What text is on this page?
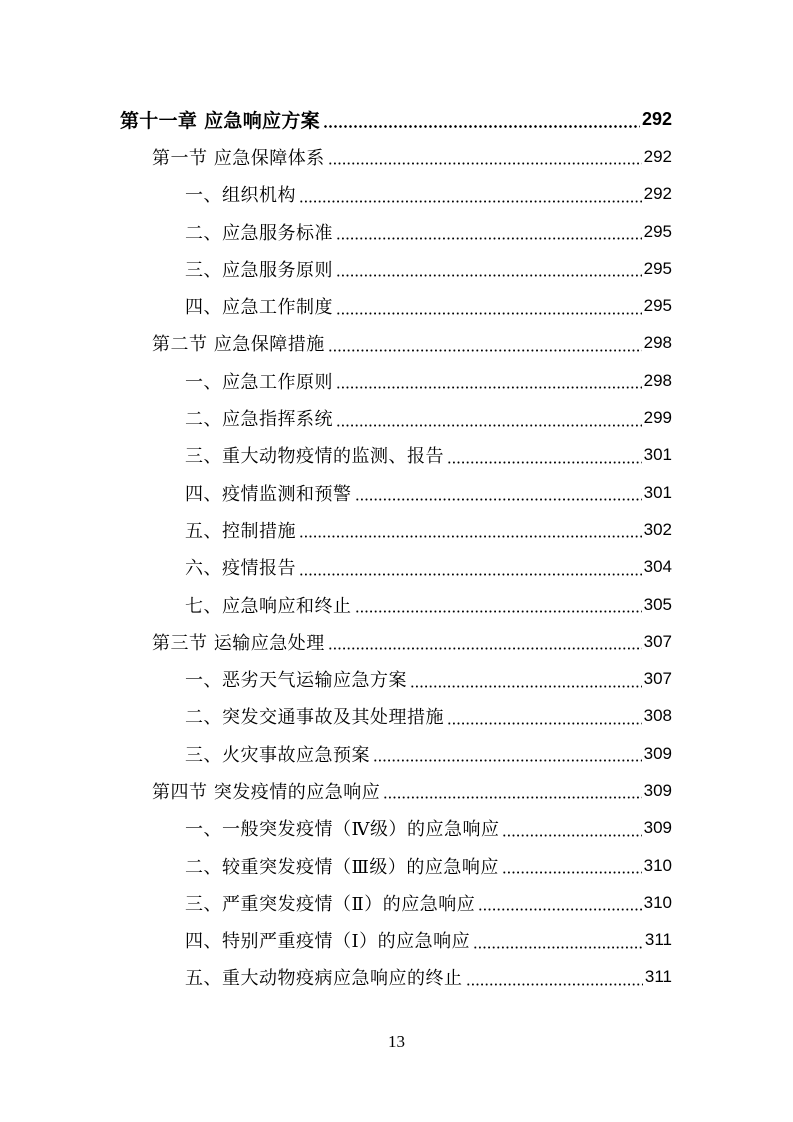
第十一章 应急响应方案	292
第一节 应急保障体系	292
一、组织机构	292
二、应急服务标准	295
三、应急服务原则	295
四、应急工作制度	295
第二节 应急保障措施	298
一、应急工作原则	298
二、应急指挥系统	299
三、重大动物疫情的监测、报告	301
四、疫情监测和预警	301
五、控制措施	302
六、疫情报告	304
七、应急响应和终止	305
第三节 运输应急处理	307
一、恶劣天气运输应急方案	307
二、突发交通事故及其处理措施	308
三、火灾事故应急预案	309
第四节 突发疫情的应急响应	309
一、一般突发疫情（Ⅳ级）的应急响应	309
二、较重突发疫情（Ⅲ级）的应急响应	310
三、严重突发疫情（Ⅱ）的应急响应	310
四、特别严重疫情（Ⅰ）的应急响应	311
五、重大动物疫病应急响应的终止	311
13
